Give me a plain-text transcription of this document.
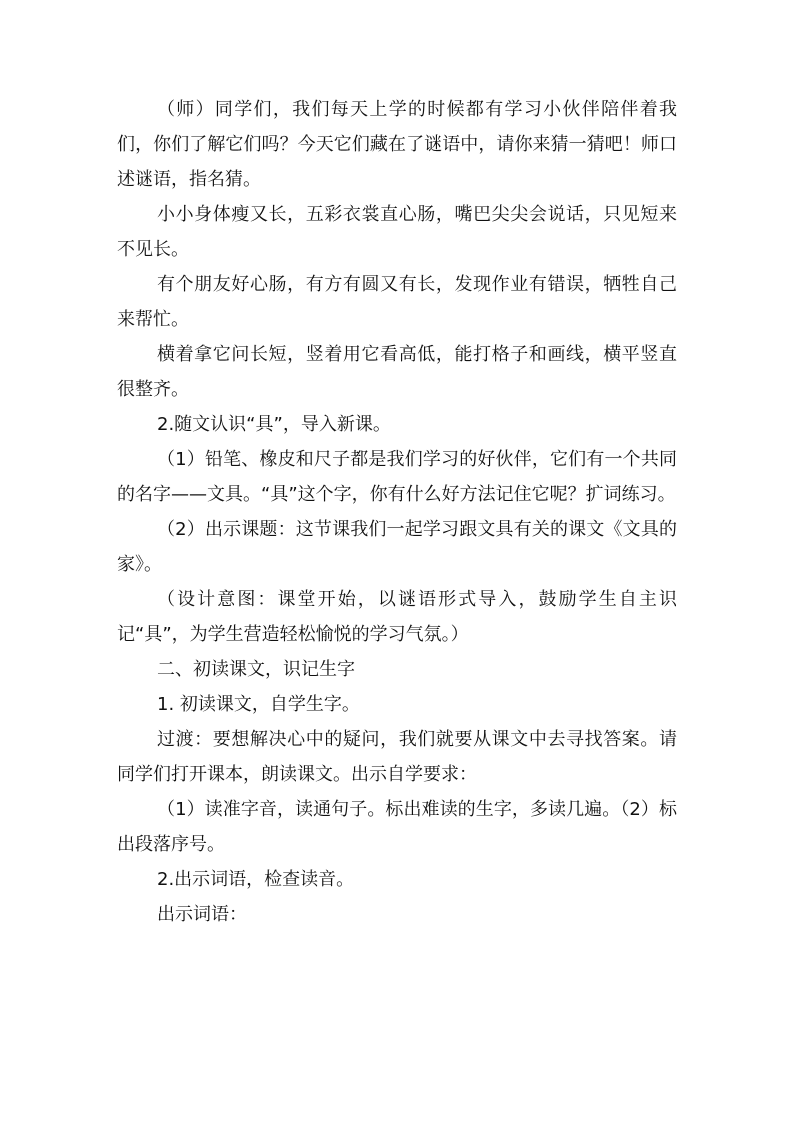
（师）同学们，我们每天上学的时候都有学习小伙伴陪伴着我们，你们了解它们吗？今天它们藏在了谜语中，请你来猜一猜吧！师口述谜语，指名猜。

小小身体瘦又长，五彩衣裳直心肠，嘴巴尖尖会说话，只见短来不见长。

有个朋友好心肠，有方有圆又有长，发现作业有错误，牺牲自己来帮忙。

横着拿它问长短，竖着用它看高低，能打格子和画线，横平竖直很整齐。

2.随文认识“具”，导入新课。

（1）铅笔、橡皮和尺子都是我们学习的好伙伴，它们有一个共同的名字——文具。“具”这个字，你有什么好方法记住它呢？扩词练习。

（2）出示课题：这节课我们一起学习跟文具有关的课文《文具的家》。

（设计意图：课堂开始，以谜语形式导入，鼓励学生自主识记“具”，为学生营造轻松愉悦的学习气氛。）

二、初读课文，识记生字

1. 初读课文，自学生字。

过渡：要想解决心中的疑问，我们就要从课文中去寻找答案。请同学们打开课本，朗读课文。出示自学要求：

（1）读准字音，读通句子。标出难读的生字，多读几遍。（2）标出段落序号。

2.出示词语，检查读音。

出示词语：
